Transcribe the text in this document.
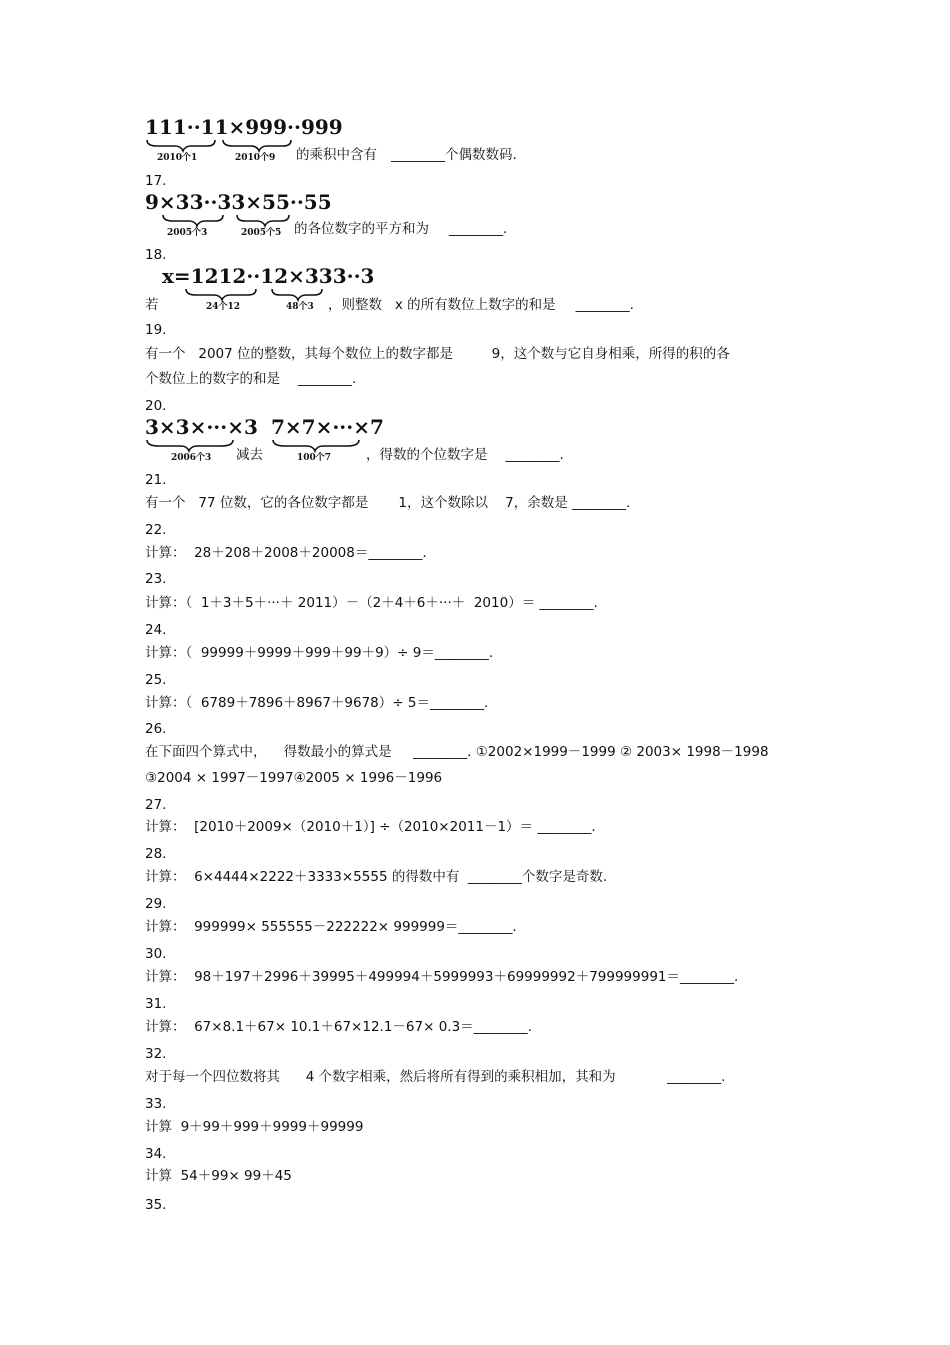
111··11×999··999
2010个1	2010个9 的乘积中含有 ________个偶数数码.
17.
9×33··33×55··55
2005个3	2005个5 的各位数字的平方和为 ________.
18.
x=1212··12×333··3
24个12	48个3
若	，则整数   x 的所有数位上数字的和是 ________.
19.
有一个   2007 位的整数，其每个数位上的数字都是         9，这个数与它自身相乘，所得的积的各
个数位上的数字的和是 ________.
20.
3×3×···×3
2006个3 减去
7×7×···×7
100个7	，得数的个位数字是 ________.
21.
有一个   77 位数，它的各位数字都是       1，这个数除以    7，余数是 ________.
22.
计算：  28＋208＋2008＋20008＝________.
23.
计算：（  1＋3＋5＋···＋ 2011）－（2＋4＋6＋···＋  2010）＝ ________.
24.
计算：（  99999＋9999＋999＋99＋9）÷ 9＝________.
25.
计算：（  6789＋7896＋8967＋9678）÷ 5＝________.
26.
在下面四个算式中，    得数最小的算式是     ________. ①2002×1999－1999 ② 2003× 1998－1998
③2004 × 1997－1997④2005 × 1996－1996
27.
计算：  [2010＋2009×（2010＋1）] ÷（2010×2011－1）＝ ________.
28.
计算：  6×4444×2222＋3333×5555 的得数中有  ________个数字是奇数.
29.
计算：  999999× 555555－222222× 999999＝________.
30.
计算：  98＋197＋2996＋39995＋499994＋5999993＋69999992＋799999991＝________.
31.
计算：  67×8.1＋67× 10.1＋67×12.1－67× 0.3＝________.
32.
对于每一个四位数将其      4 个数字相乘，然后将所有得到的乘积相加，其和为            ________.
33.
计算  9＋99＋999＋9999＋99999
34.
计算  54＋99× 99＋45
35.
